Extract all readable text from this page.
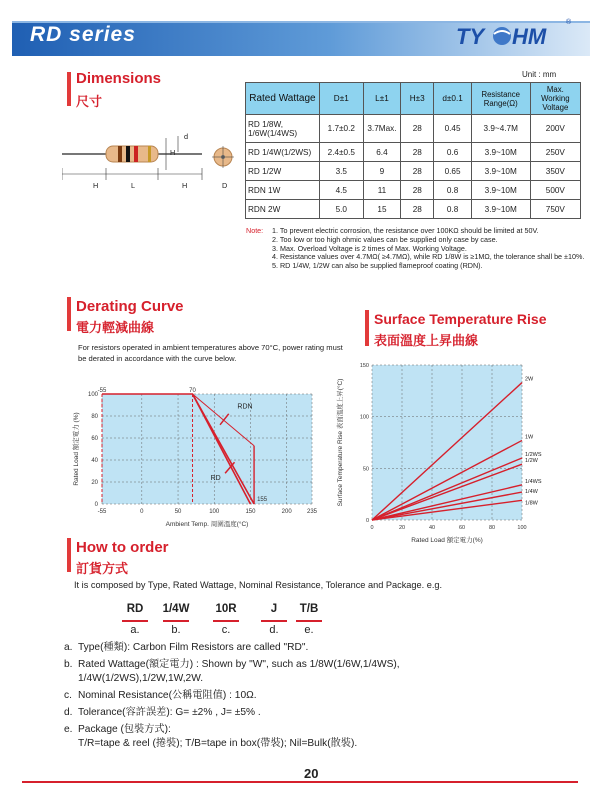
RD series	TY HM
®
Dimensions
尺寸
Unit : mm
H	L	H
H
d
D
Rated Wattage	D±1	L±1	H±3	d±0.1	Resistance Range(Ω)	Max. Working Voltage
RD 1/8W, 1/6W(1/4WS)	1.7±0.2	3.7Max.	28	0.45	3.9~4.7M	200V
RD 1/4W(1/2WS)	2.4±0.5	6.4	28	0.6	3.9~10M	250V
RD 1/2W	3.5	9	28	0.65	3.9~10M	350V
RDN 1W	4.5	11	28	0.8	3.9~10M	500V
RDN 2W	5.0	15	28	0.8	3.9~10M	750V
Note: 1. To prevent electric corrosion, the resistance over 100KΩ should be limited at 50V.
2. Too low or too high ohmic values can be supplied only case by case.
3. Max. Overload Voltage is 2 times of Max. Working Voltage.
4. Resistance values over 4.7MΩ( ≥4.7MΩ), while RD 1/8W is ≥1MΩ, the tolerance shall be ±10%.
5. RD 1/4W, 1/2W can also be supplied flameproof coating (RDN).
Derating Curve
電力輕減曲線
For resistors operated in ambient temperatures above 70°C, power rating must be derated in accordance with the curve below.
-55	0	50	100	150	200	235
0
20
40
60
80
100
-55	70
155
RDN
RD
Rated Load 額定電力 (%)
Ambient Temp. 周圍溫度(°C)
Surface Temperature Rise
表面溫度上昇曲線
0	20	40	60	80	100
0
50
100
150
2W
1W
1/2WS
1/2W
1/4WS
1/4W
1/8W
Surface Temperature Rise 表面溫度上昇(°C)
Rated Load 額定電力(%)
How to order
訂貨方式
It is composed by Type, Rated Wattage, Nominal Resistance, Tolerance and Package. e.g.
RD
a.
1/4W
b.
10R
c.
J
d.
T/B
e.
a. Type(種類): Carbon Film Resistors are called "RD".
b. Rated Wattage(額定電力) : Shown by "W", such as 1/8W(1/6W,1/4WS),
1/4W(1/2WS),1/2W,1W,2W.
c. Nominal Resistance(公稱電阻值) : 10Ω.
d. Tolerance(容許誤差): G= ±2% , J= ±5% .
e. Package (包裝方式):
T/R=tape & reel (捲裝); T/B=tape in box(帶裝); Nil=Bulk(散裝).
20
